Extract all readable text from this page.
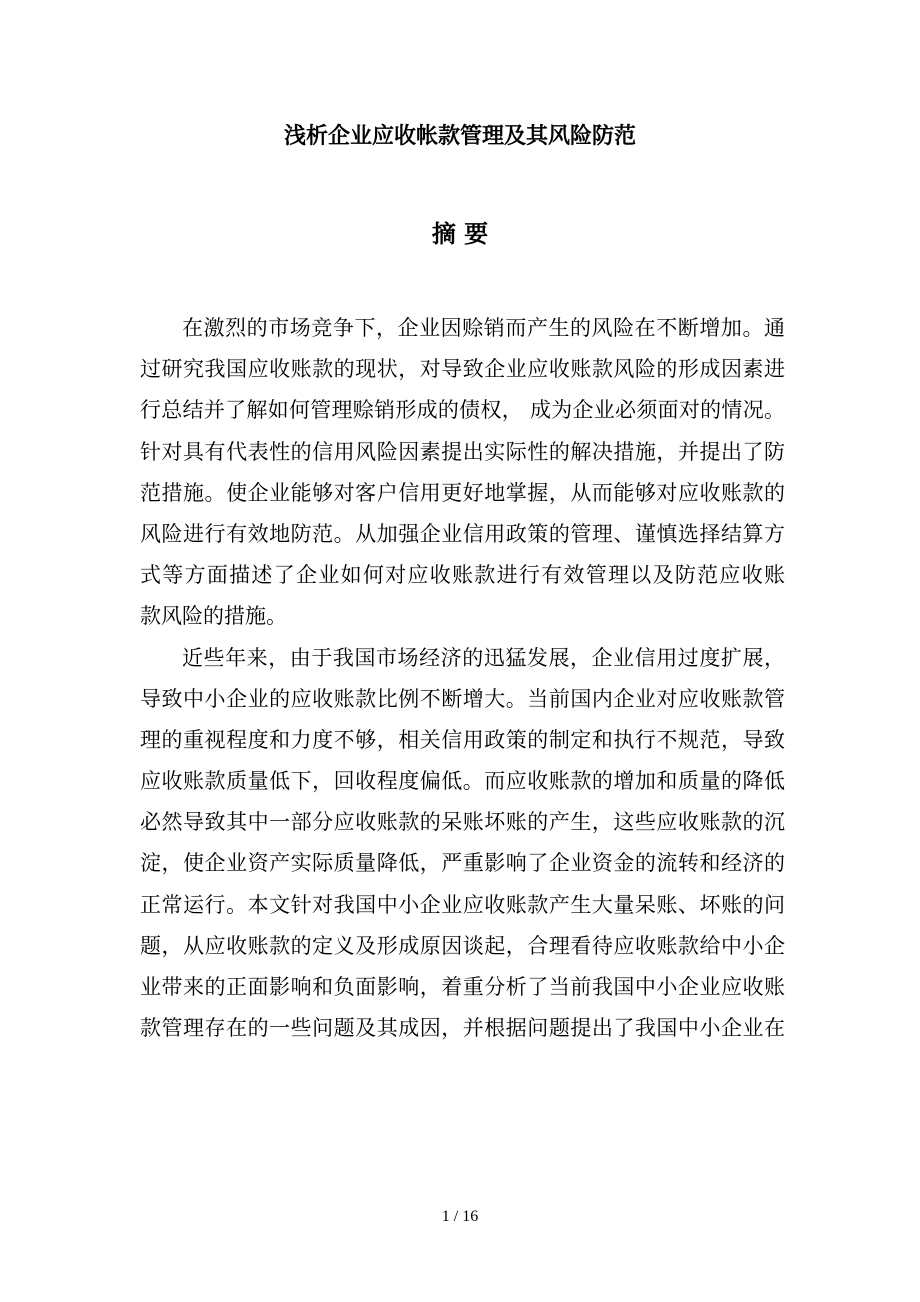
浅析企业应收帐款管理及其风险防范
摘 要

在激烈的市场竞争下，企业因赊销而产生的风险在不断增加。通
过研究我国应收账款的现状，对导致企业应收账款风险的形成因素进
行总结并了解如何管理赊销形成的债权， 成为企业必须面对的情况。
针对具有代表性的信用风险因素提出实际性的解决措施，并提出了防
范措施。使企业能够对客户信用更好地掌握，从而能够对应收账款的
风险进行有效地防范。从加强企业信用政策的管理、谨慎选择结算方
式等方面描述了企业如何对应收账款进行有效管理以及防范应收账
款风险的措施。

近些年来，由于我国市场经济的迅猛发展，企业信用过度扩展，
导致中小企业的应收账款比例不断增大。当前国内企业对应收账款管
理的重视程度和力度不够，相关信用政策的制定和执行不规范，导致
应收账款质量低下，回收程度偏低。而应收账款的增加和质量的降低
必然导致其中一部分应收账款的呆账坏账的产生，这些应收账款的沉
淀，使企业资产实际质量降低，严重影响了企业资金的流转和经济的
正常运行。本文针对我国中小企业应收账款产生大量呆账、坏账的问
题，从应收账款的定义及形成原因谈起，合理看待应收账款给中小企
业带来的正面影响和负面影响，着重分析了当前我国中小企业应收账
款管理存在的一些问题及其成因，并根据问题提出了我国中小企业在

1 / 16
